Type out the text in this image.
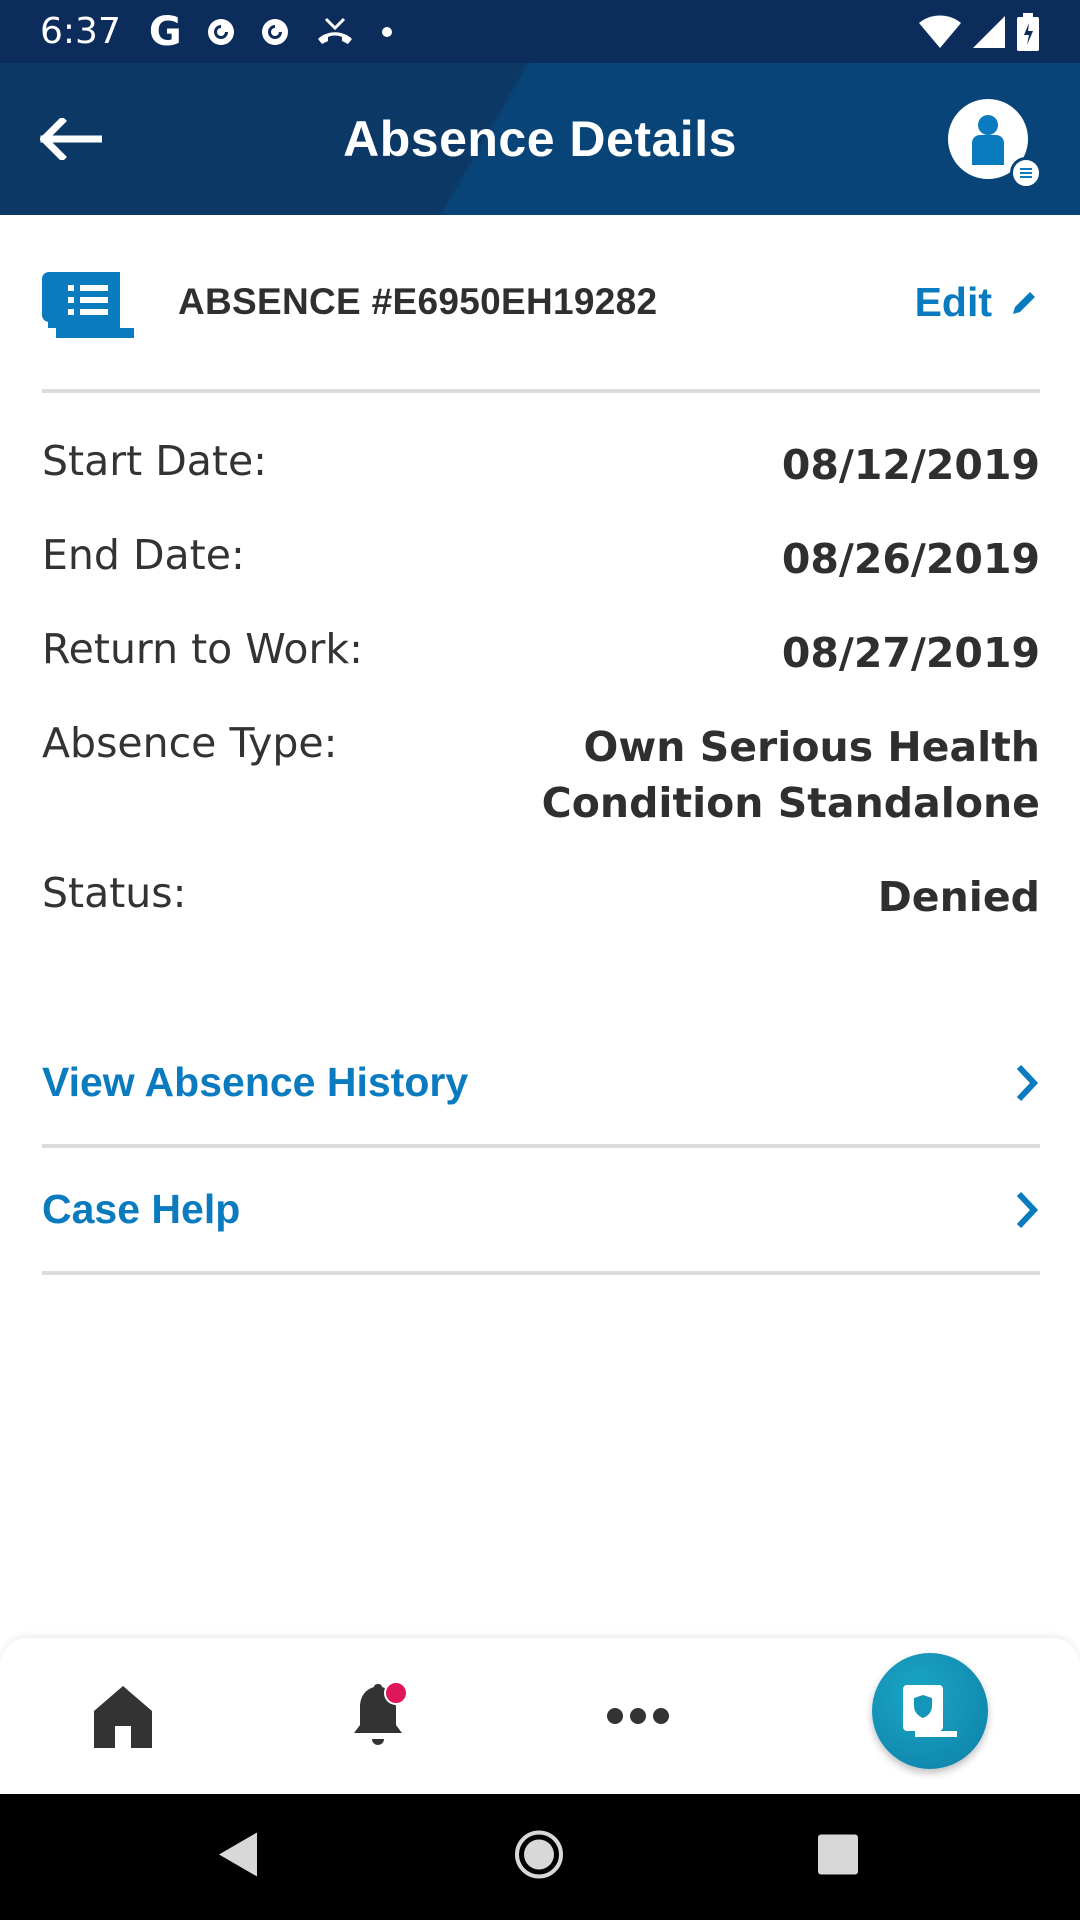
6:37 G
Absence Details
ABSENCE #E6950EH19282	Edit
Start Date:	08/12/2019
End Date:	08/26/2019
Return to Work:	08/27/2019
Absence Type:	Own Serious Health Condition Standalone
Status:	Denied
View Absence History
Case Help
